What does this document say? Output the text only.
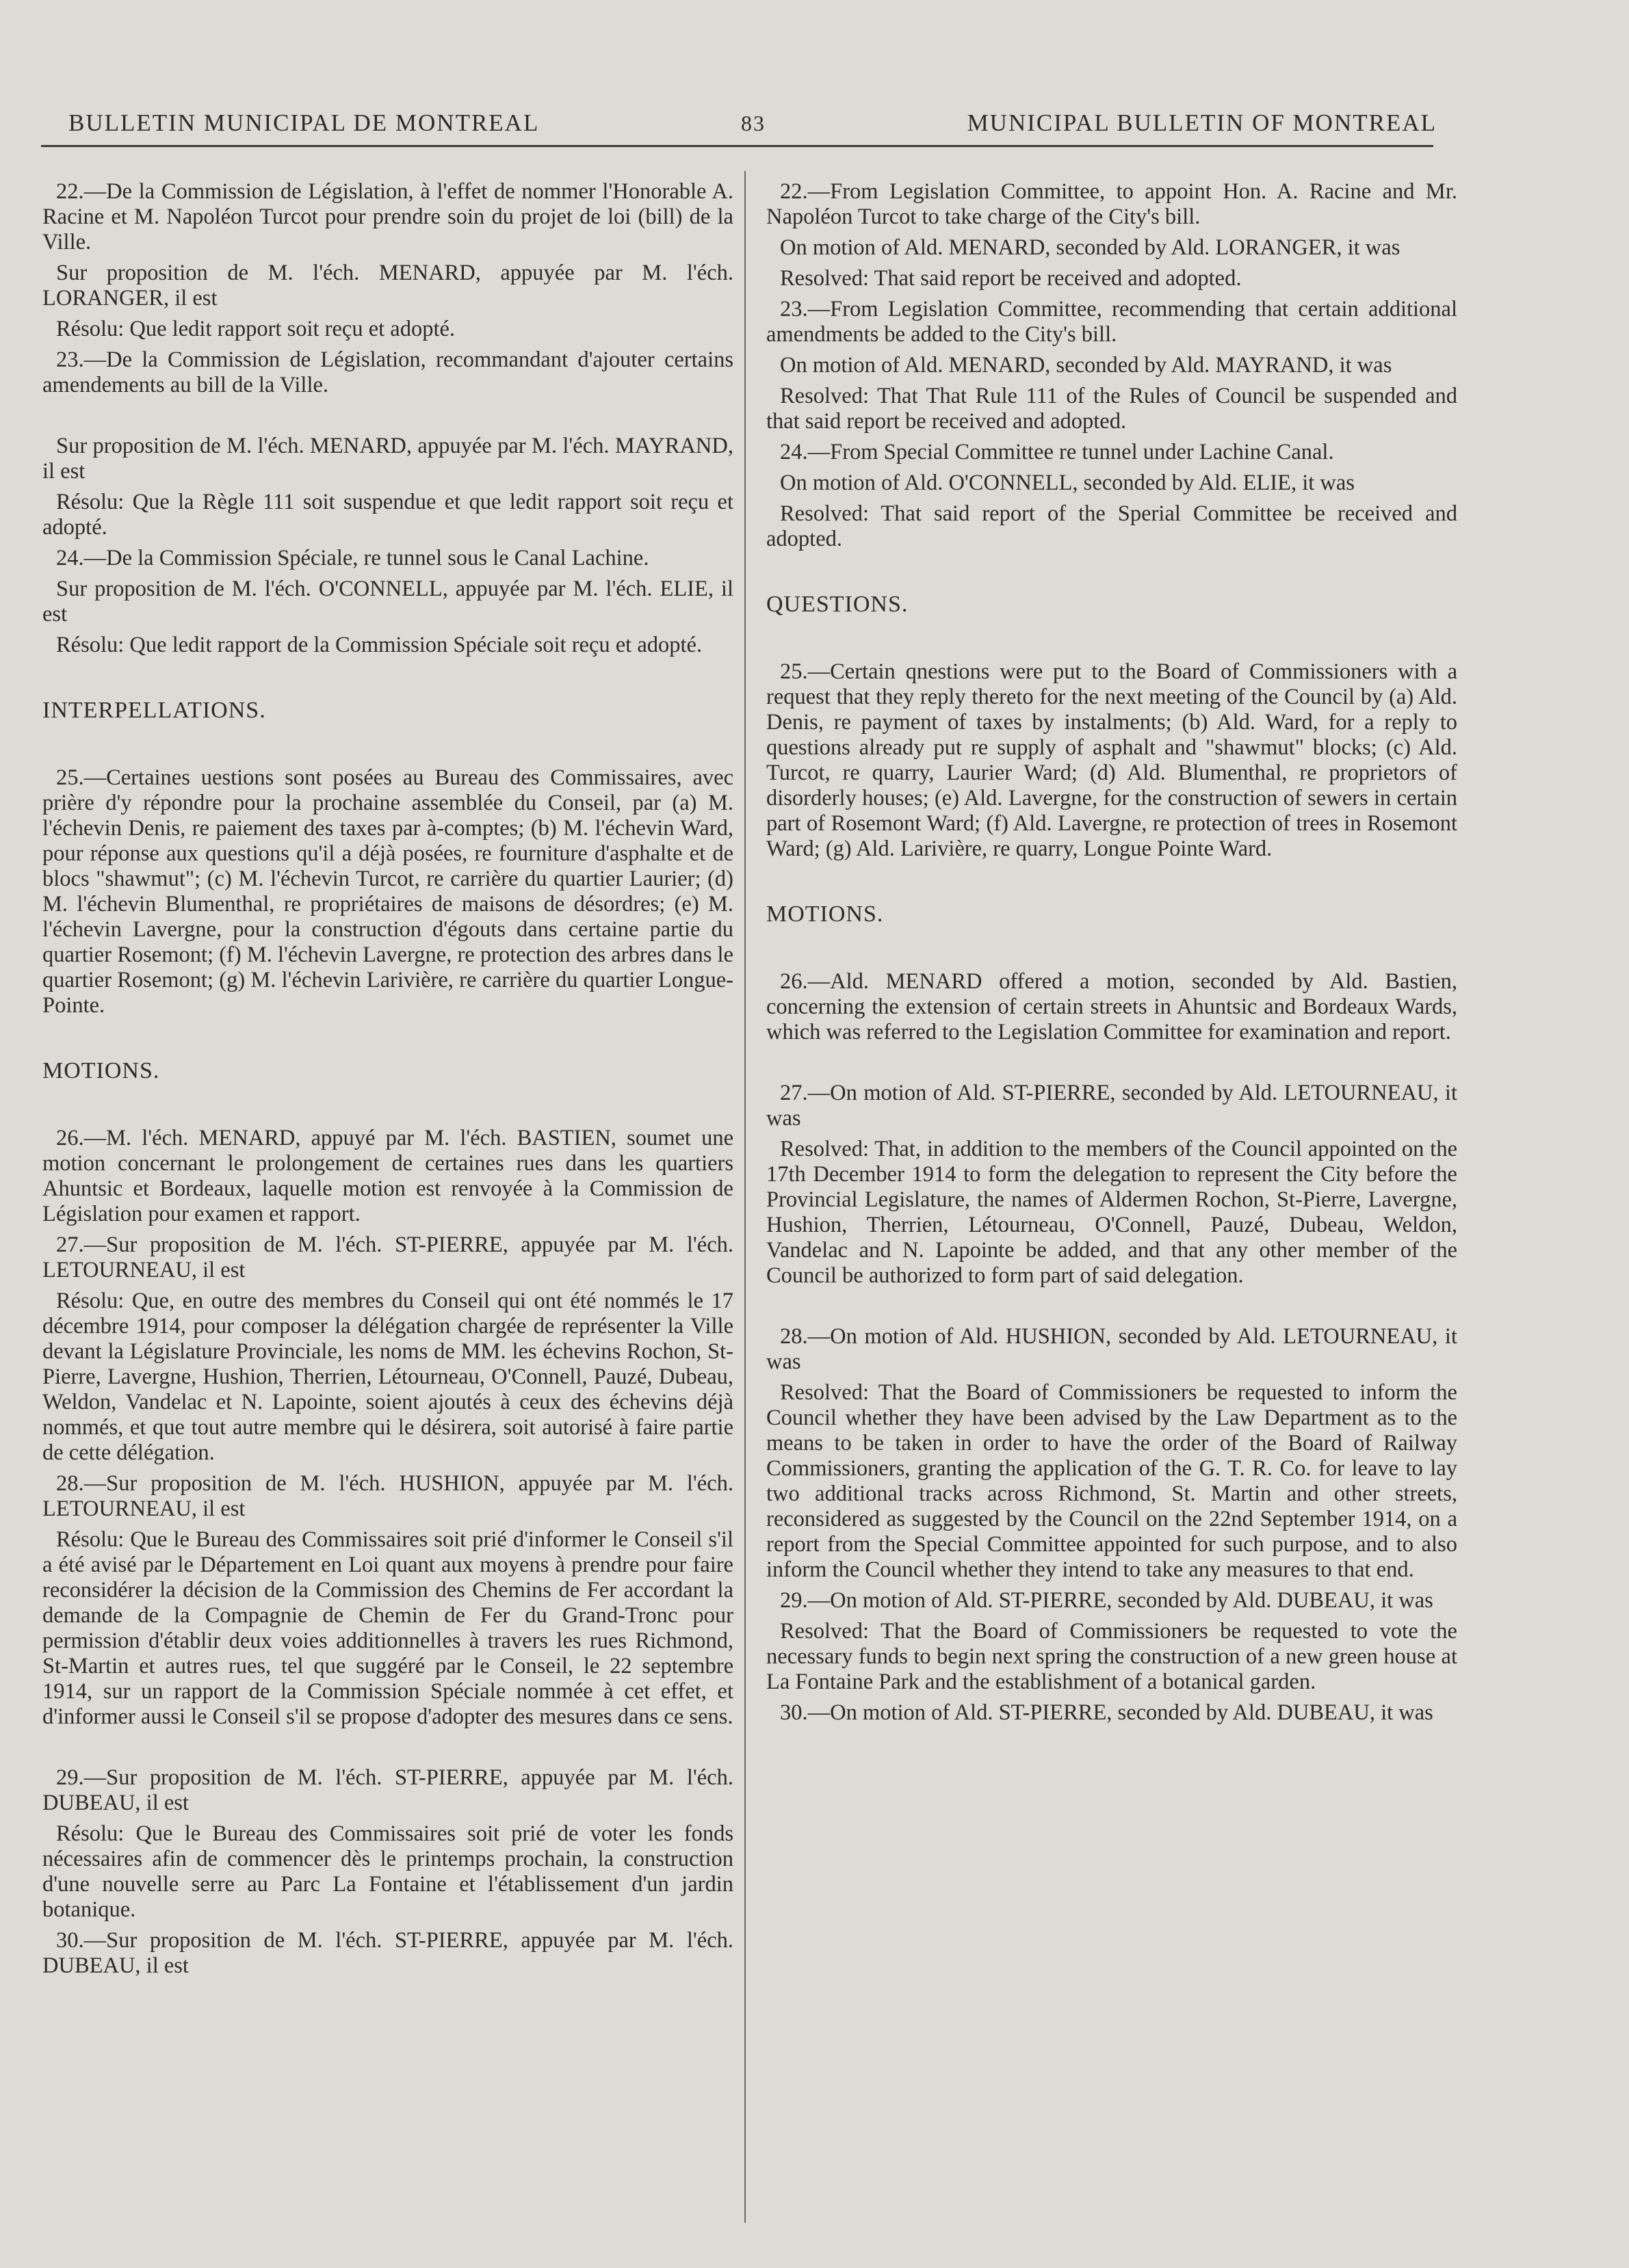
BULLETIN MUNICIPAL DE MONTREAL	83	MUNICIPAL BULLETIN OF MONTREAL

22.—De la Commission de Législation, à l'effet de nommer l'Honorable A. Racine et M. Napoléon Turcot pour prendre soin du projet de loi (bill) de la Ville.

Sur proposition de M. l'éch. MENARD, appuyée par M. l'éch. LORANGER, il est

Résolu: Que ledit rapport soit reçu et adopté.

23.—De la Commission de Législation, recommandant d'ajouter certains amendements au bill de la Ville.

Sur proposition de M. l'éch. MENARD, appuyée par M. l'éch. MAYRAND, il est

Résolu: Que la Règle 111 soit suspendue et que ledit rapport soit reçu et adopté.

24.—De la Commission Spéciale, re tunnel sous le Canal Lachine.

Sur proposition de M. l'éch. O'CONNELL, appuyée par M. l'éch. ELIE, il est

Résolu: Que ledit rapport de la Commission Spéciale soit reçu et adopté.

INTERPELLATIONS.

25.—Certaines uestions sont posées au Bureau des Commissaires, avec prière d'y répondre pour la prochaine assemblée du Conseil, par (a) M. l'échevin Denis, re paiement des taxes par à-comptes; (b) M. l'échevin Ward, pour réponse aux questions qu'il a déjà posées, re fourniture d'asphalte et de blocs "shawmut"; (c) M. l'échevin Turcot, re carrière du quartier Laurier; (d) M. l'échevin Blumenthal, re propriétaires de maisons de désordres; (e) M. l'échevin Lavergne, pour la construction d'égouts dans certaine partie du quartier Rosemont; (f) M. l'échevin Lavergne, re protection des arbres dans le quartier Rosemont; (g) M. l'échevin Larivière, re carrière du quartier Longue-Pointe.

MOTIONS.

26.—M. l'éch. MENARD, appuyé par M. l'éch. BASTIEN, soumet une motion concernant le prolongement de certaines rues dans les quartiers Ahuntsic et Bordeaux, laquelle motion est renvoyée à la Commission de Législation pour examen et rapport.

27.—Sur proposition de M. l'éch. ST-PIERRE, appuyée par M. l'éch. LETOURNEAU, il est

Résolu: Que, en outre des membres du Conseil qui ont été nommés le 17 décembre 1914, pour composer la délégation chargée de représenter la Ville devant la Législature Provinciale, les noms de MM. les échevins Rochon, St-Pierre, Lavergne, Hushion, Therrien, Létourneau, O'Connell, Pauzé, Dubeau, Weldon, Vandelac et N. Lapointe, soient ajoutés à ceux des échevins déjà nommés, et que tout autre membre qui le désirera, soit autorisé à faire partie de cette délégation.

28.—Sur proposition de M. l'éch. HUSHION, appuyée par M. l'éch. LETOURNEAU, il est

Résolu: Que le Bureau des Commissaires soit prié d'informer le Conseil s'il a été avisé par le Département en Loi quant aux moyens à prendre pour faire reconsidérer la décision de la Commission des Chemins de Fer accordant la demande de la Compagnie de Chemin de Fer du Grand-Tronc pour permission d'établir deux voies additionnelles à travers les rues Richmond, St-Martin et autres rues, tel que suggéré par le Conseil, le 22 septembre 1914, sur un rapport de la Commission Spéciale nommée à cet effet, et d'informer aussi le Conseil s'il se propose d'adopter des mesures dans ce sens.

29.—Sur proposition de M. l'éch. ST-PIERRE, appuyée par M. l'éch. DUBEAU, il est

Résolu: Que le Bureau des Commissaires soit prié de voter les fonds nécessaires afin de commencer dès le printemps prochain, la construction d'une nouvelle serre au Parc La Fontaine et l'établissement d'un jardin botanique.

30.—Sur proposition de M. l'éch. ST-PIERRE, appuyée par M. l'éch. DUBEAU, il est

22.—From Legislation Committee, to appoint Hon. A. Racine and Mr. Napoléon Turcot to take charge of the City's bill.

On motion of Ald. MENARD, seconded by Ald. LORANGER, it was

Resolved: That said report be received and adopted.

23.—From Legislation Committee, recommending that certain additional amendments be added to the City's bill.

On motion of Ald. MENARD, seconded by Ald. MAYRAND, it was

Resolved: That That Rule 111 of the Rules of Council be suspended and that said report be received and adopted.

24.—From Special Committee re tunnel under Lachine Canal.

On motion of Ald. O'CONNELL, seconded by Ald. ELIE, it was

Resolved: That said report of the Sperial Committee be received and adopted.

QUESTIONS.

25.—Certain qnestions were put to the Board of Commissioners with a request that they reply thereto for the next meeting of the Council by (a) Ald. Denis, re payment of taxes by instalments; (b) Ald. Ward, for a reply to questions already put re supply of asphalt and "shawmut" blocks; (c) Ald. Turcot, re quarry, Laurier Ward; (d) Ald. Blumenthal, re proprietors of disorderly houses; (e) Ald. Lavergne, for the construction of sewers in certain part of Rosemont Ward; (f) Ald. Lavergne, re protection of trees in Rosemont Ward; (g) Ald. Larivière, re quarry, Longue Pointe Ward.

MOTIONS.

26.—Ald. MENARD offered a motion, seconded by Ald. Bastien, concerning the extension of certain streets in Ahuntsic and Bordeaux Wards, which was referred to the Legislation Committee for examination and report.

27.—On motion of Ald. ST-PIERRE, seconded by Ald. LETOURNEAU, it was

Resolved: That, in addition to the members of the Council appointed on the 17th December 1914 to form the delegation to represent the City before the Provincial Legislature, the names of Aldermen Rochon, St-Pierre, Lavergne, Hushion, Therrien, Létourneau, O'Connell, Pauzé, Dubeau, Weldon, Vandelac and N. Lapointe be added, and that any other member of the Council be authorized to form part of said delegation.

28.—On motion of Ald. HUSHION, seconded by Ald. LETOURNEAU, it was

Resolved: That the Board of Commissioners be requested to inform the Council whether they have been advised by the Law Department as to the means to be taken in order to have the order of the Board of Railway Commissioners, granting the application of the G. T. R. Co. for leave to lay two additional tracks across Richmond, St. Martin and other streets, reconsidered as suggested by the Council on the 22nd September 1914, on a report from the Special Committee appointed for such purpose, and to also inform the Council whether they intend to take any measures to that end.

29.—On motion of Ald. ST-PIERRE, seconded by Ald. DUBEAU, it was

Resolved: That the Board of Commissioners be requested to vote the necessary funds to begin next spring the construction of a new green house at La Fontaine Park and the establishment of a botanical garden.

30.—On motion of Ald. ST-PIERRE, seconded by Ald. DUBEAU, it was
